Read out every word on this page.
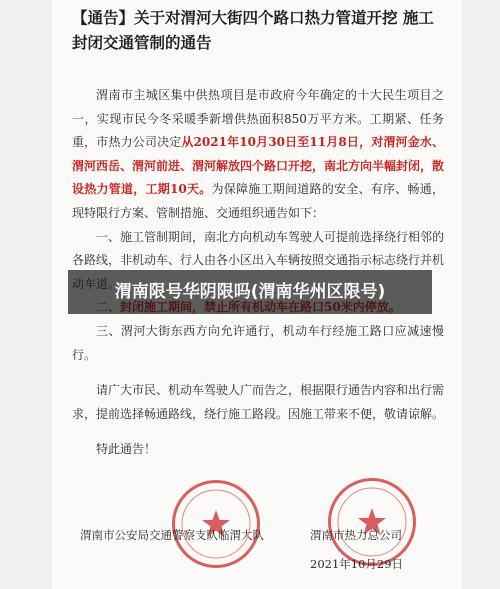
【通告】关于对渭河大街四个路口热力管道开挖 施工封闭交通管制的通告

渭南市主城区集中供热项目是市政府今年确定的十大民生项目之一，实现市民今冬采暖季新增供热面积850万平方米。工期紧、任务重，市热力公司决定从2021年10月30日至11月8日，对渭河金水、渭河西岳、渭河前进、渭河解放四个路口开挖，南北方向半幅封闭，散设热力管道，工期10天。为保障施工期间道路的安全、有序、畅通，现特限行方案、管制措施、交通组织通告如下：

一、施工管制期间，南北方向机动车驾驶人可提前选择绕行相邻的各路线，非机动车、行人由各小区出入车辆按照交通指示标志绕行并机

三、渭河大街东西方向允许通行，机动车行经施工路口应减速慢行。

请广大市民、机动车驾驶人广而告之，根据限行通告内容和出行需求，提前选择畅通路线，绕行施工路段。因施工带来不便，敬请谅解。

特此通告！

渭南市公安局交通警察支队临渭大队	渭南市热力总公司
2021年10月29日
渭南限号华阴限吗(渭南华州区限号)
